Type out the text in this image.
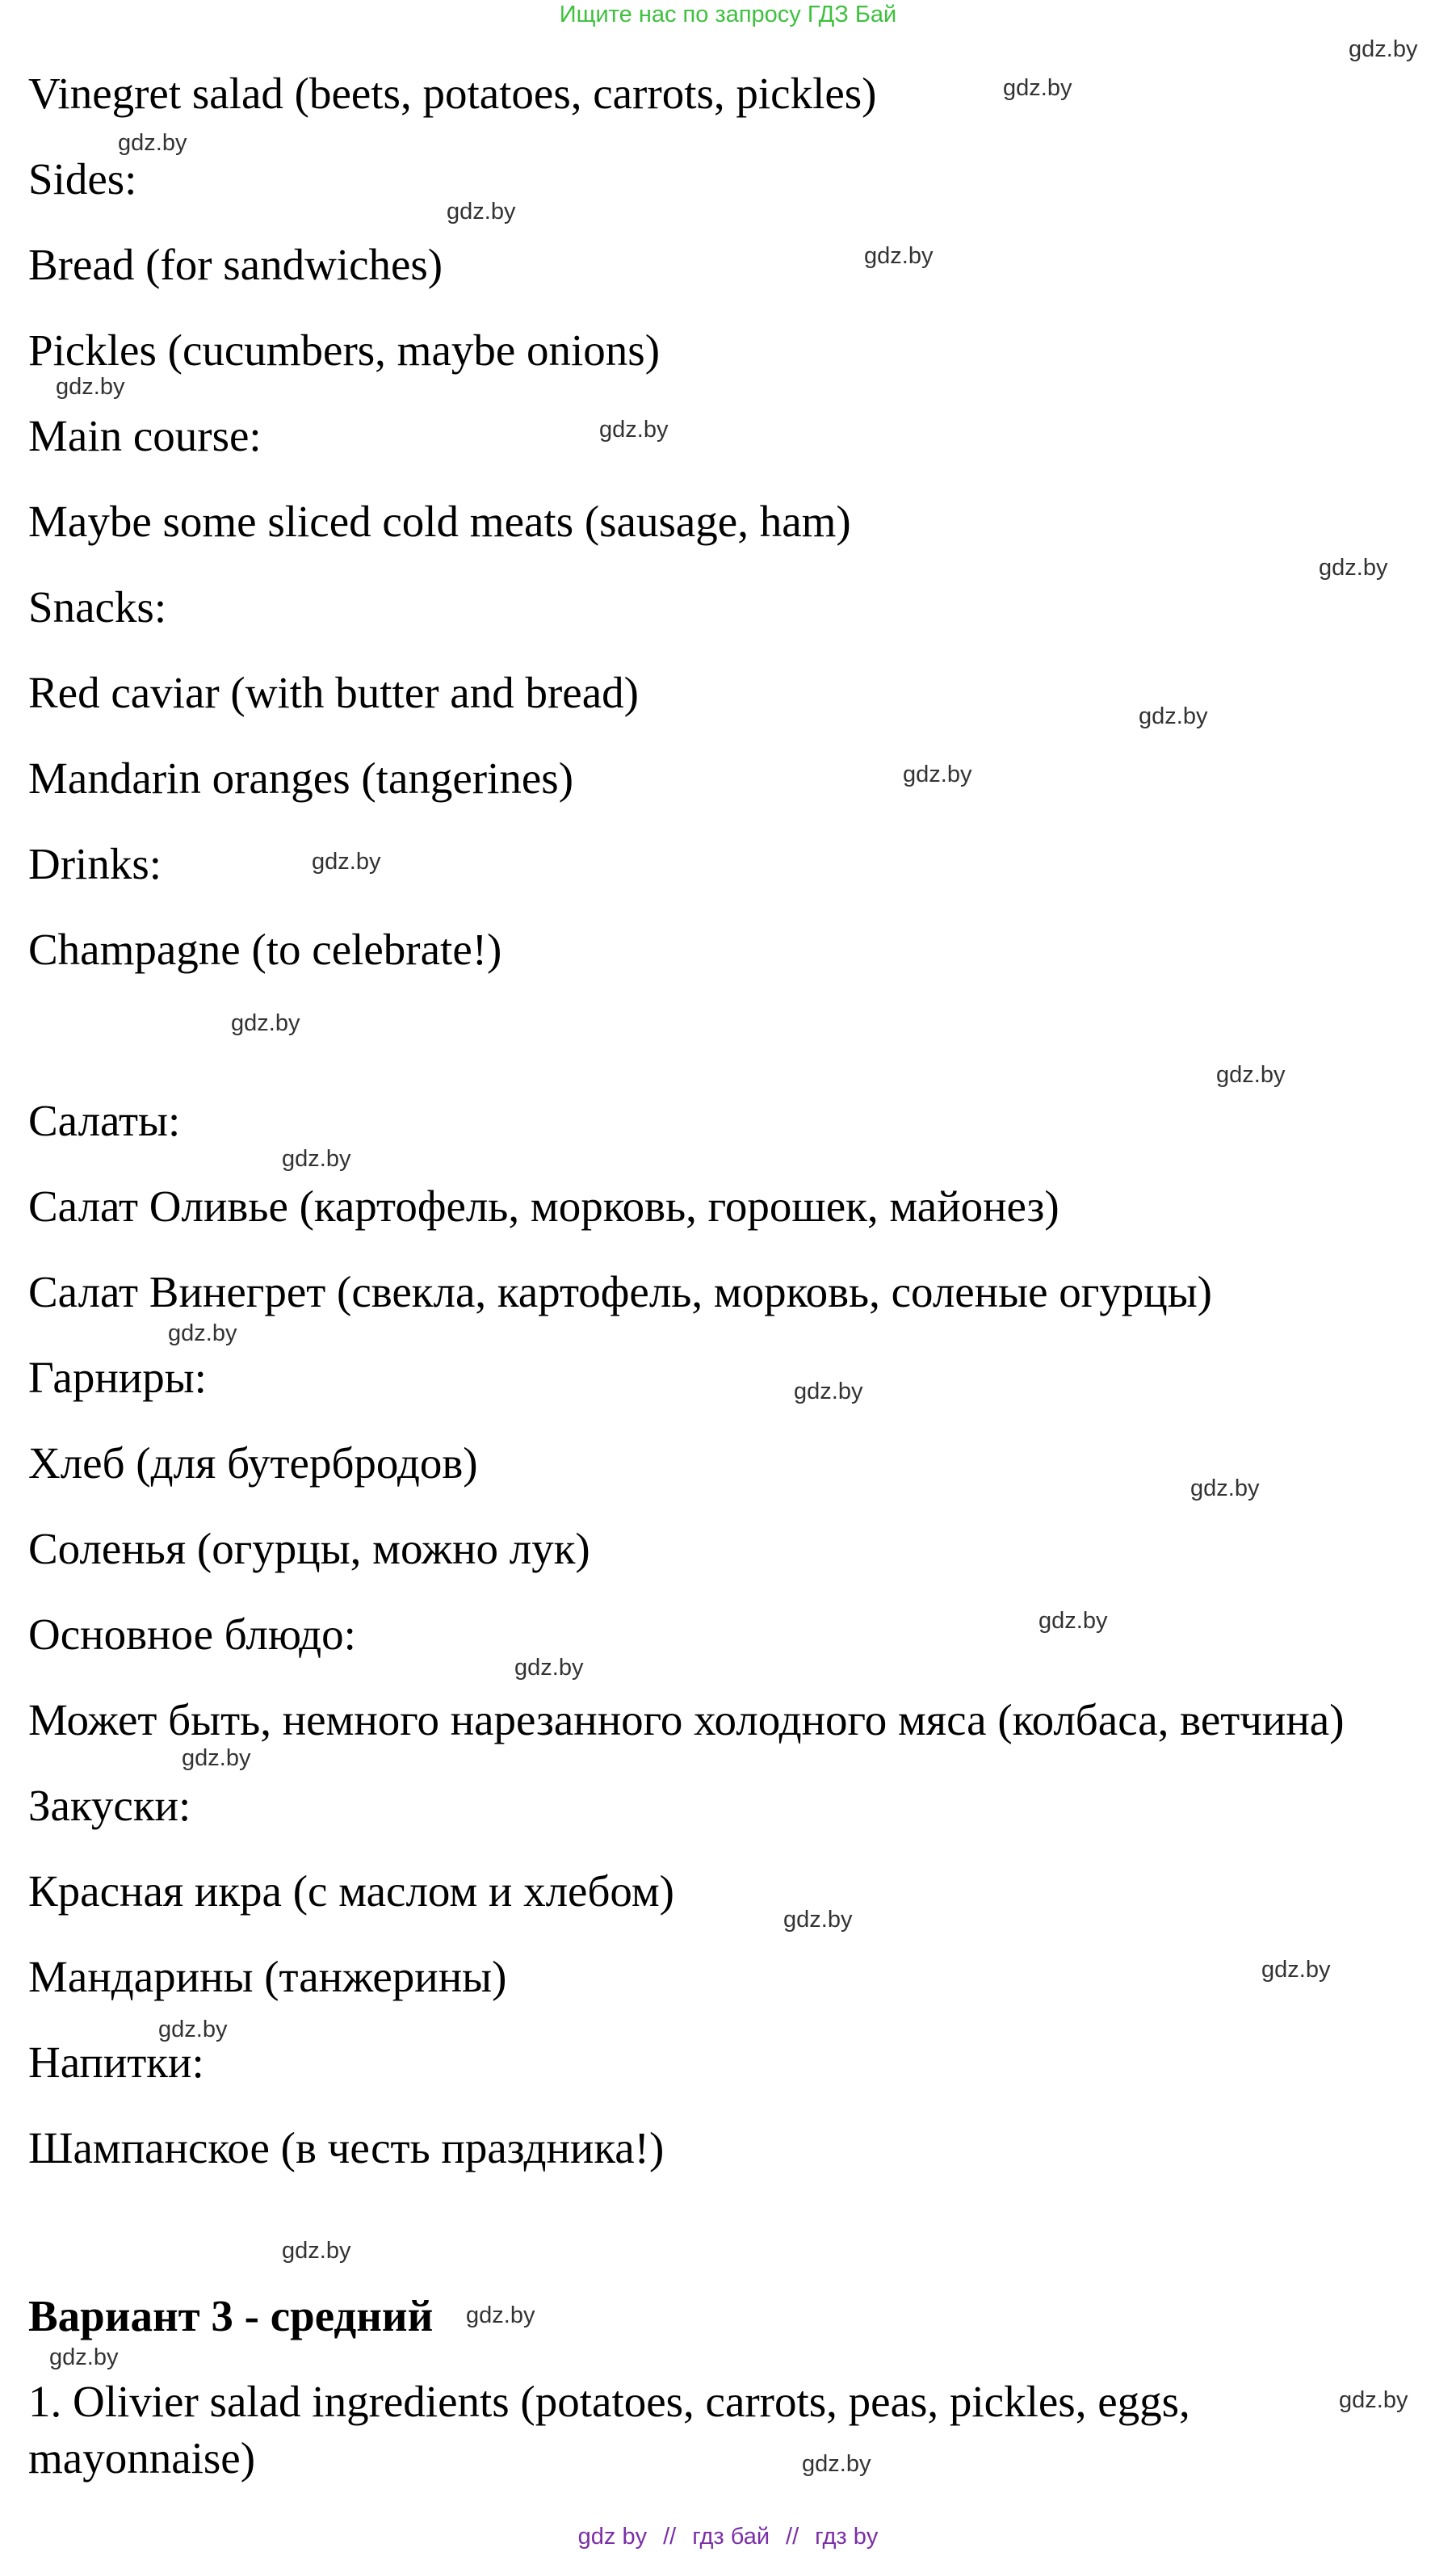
Ищите нас по запросу ГДЗ Бай
gdz.by
gdz.by
gdz.by
gdz.by
gdz.by
gdz.by
gdz.by
gdz.by
gdz.by
gdz.by
gdz.by
gdz.by
gdz.by
gdz.by
gdz.by
gdz.by
gdz.by
gdz.by
gdz.by
gdz.by
gdz.by
gdz.by
gdz.by
gdz.by
gdz.by
gdz.by
gdz.by
gdz.by

Vinegret salad (beets, potatoes, carrots, pickles)

Sides:

Bread (for sandwiches)

Pickles (cucumbers, maybe onions)

Main course:

Maybe some sliced cold meats (sausage, ham)

Snacks:

Red caviar (with butter and bread)

Mandarin oranges (tangerines)

Drinks:

Champagne (to celebrate!)

Салаты:

Салат Оливье (картофель, морковь, горошек, майонез)

Салат Винегрет (свекла, картофель, морковь, соленые огурцы)

Гарниры:

Хлеб (для бутербродов)

Соленья (огурцы, можно лук)

Основное блюдо:

Может быть, немного нарезанного холодного мяса (колбаса, ветчина)

Закуски:

Красная икра (с маслом и хлебом)

Мандарины (танжерины)

Напитки:

Шампанское (в честь праздника!)

Вариант 3 - средний

1. Olivier salad ingredients (potatoes, carrots, peas, pickles, eggs,

mayonnaise)

gdz by // гдз бай // гдз by
